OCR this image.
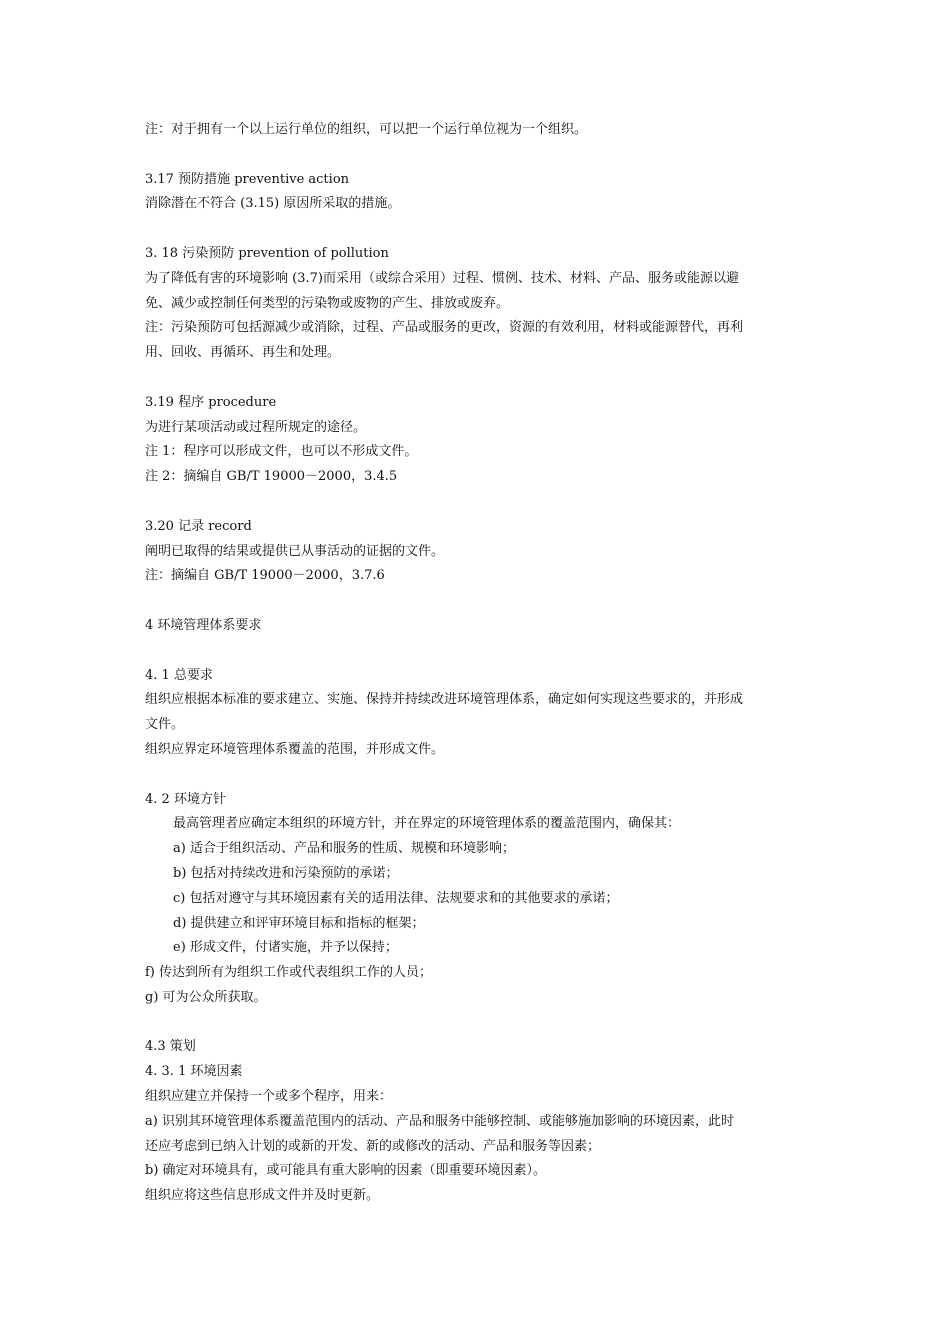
注：对于拥有一个以上运行单位的组织，可以把一个运行单位视为一个组织。
3.17 预防措施 preventive action
消除潜在不符合 (3.15) 原因所采取的措施。
3. 18 污染预防 prevention of pollution
为了降低有害的环境影响 (3.7)而采用（或综合采用）过程、惯例、技术、材料、产品、服务或能源以避
免、减少或控制任何类型的污染物或废物的产生、排放或废弃。
注：污染预防可包括源减少或消除，过程、产品或服务的更改，资源的有效利用，材料或能源替代，再利
用、回收、再循环、再生和处理。
3.19 程序 procedure
为进行某项活动或过程所规定的途径。
注 1：程序可以形成文件，也可以不形成文件。
注 2：摘编自 GB/T 19000－2000，3.4.5
3.20 记录 record
阐明已取得的结果或提供已从事活动的证据的文件。
注：摘编自 GB/T 19000－2000，3.7.6
4 环境管理体系要求
4. 1 总要求
组织应根据本标准的要求建立、实施、保持并持续改进环境管理体系，确定如何实现这些要求的，并形成
文件。
组织应界定环境管理体系覆盖的范围，并形成文件。
4. 2 环境方针
最高管理者应确定本组织的环境方针，并在界定的环境管理体系的覆盖范围内，确保其：
a) 适合于组织活动、产品和服务的性质、规模和环境影响；
b) 包括对持续改进和污染预防的承诺；
c) 包括对遵守与其环境因素有关的适用法律、法规要求和的其他要求的承诺；
d) 提供建立和评审环境目标和指标的框架；
e) 形成文件，付诸实施，并予以保持；
f) 传达到所有为组织工作或代表组织工作的人员；
g) 可为公众所获取。
4.3 策划
4. 3. 1 环境因素
组织应建立并保持一个或多个程序，用来：
a) 识别其环境管理体系覆盖范围内的活动、产品和服务中能够控制、或能够施加影响的环境因素，此时
还应考虑到已纳入计划的或新的开发、新的或修改的活动、产品和服务等因素；
b) 确定对环境具有，或可能具有重大影响的因素（即重要环境因素）。
组织应将这些信息形成文件并及时更新。
